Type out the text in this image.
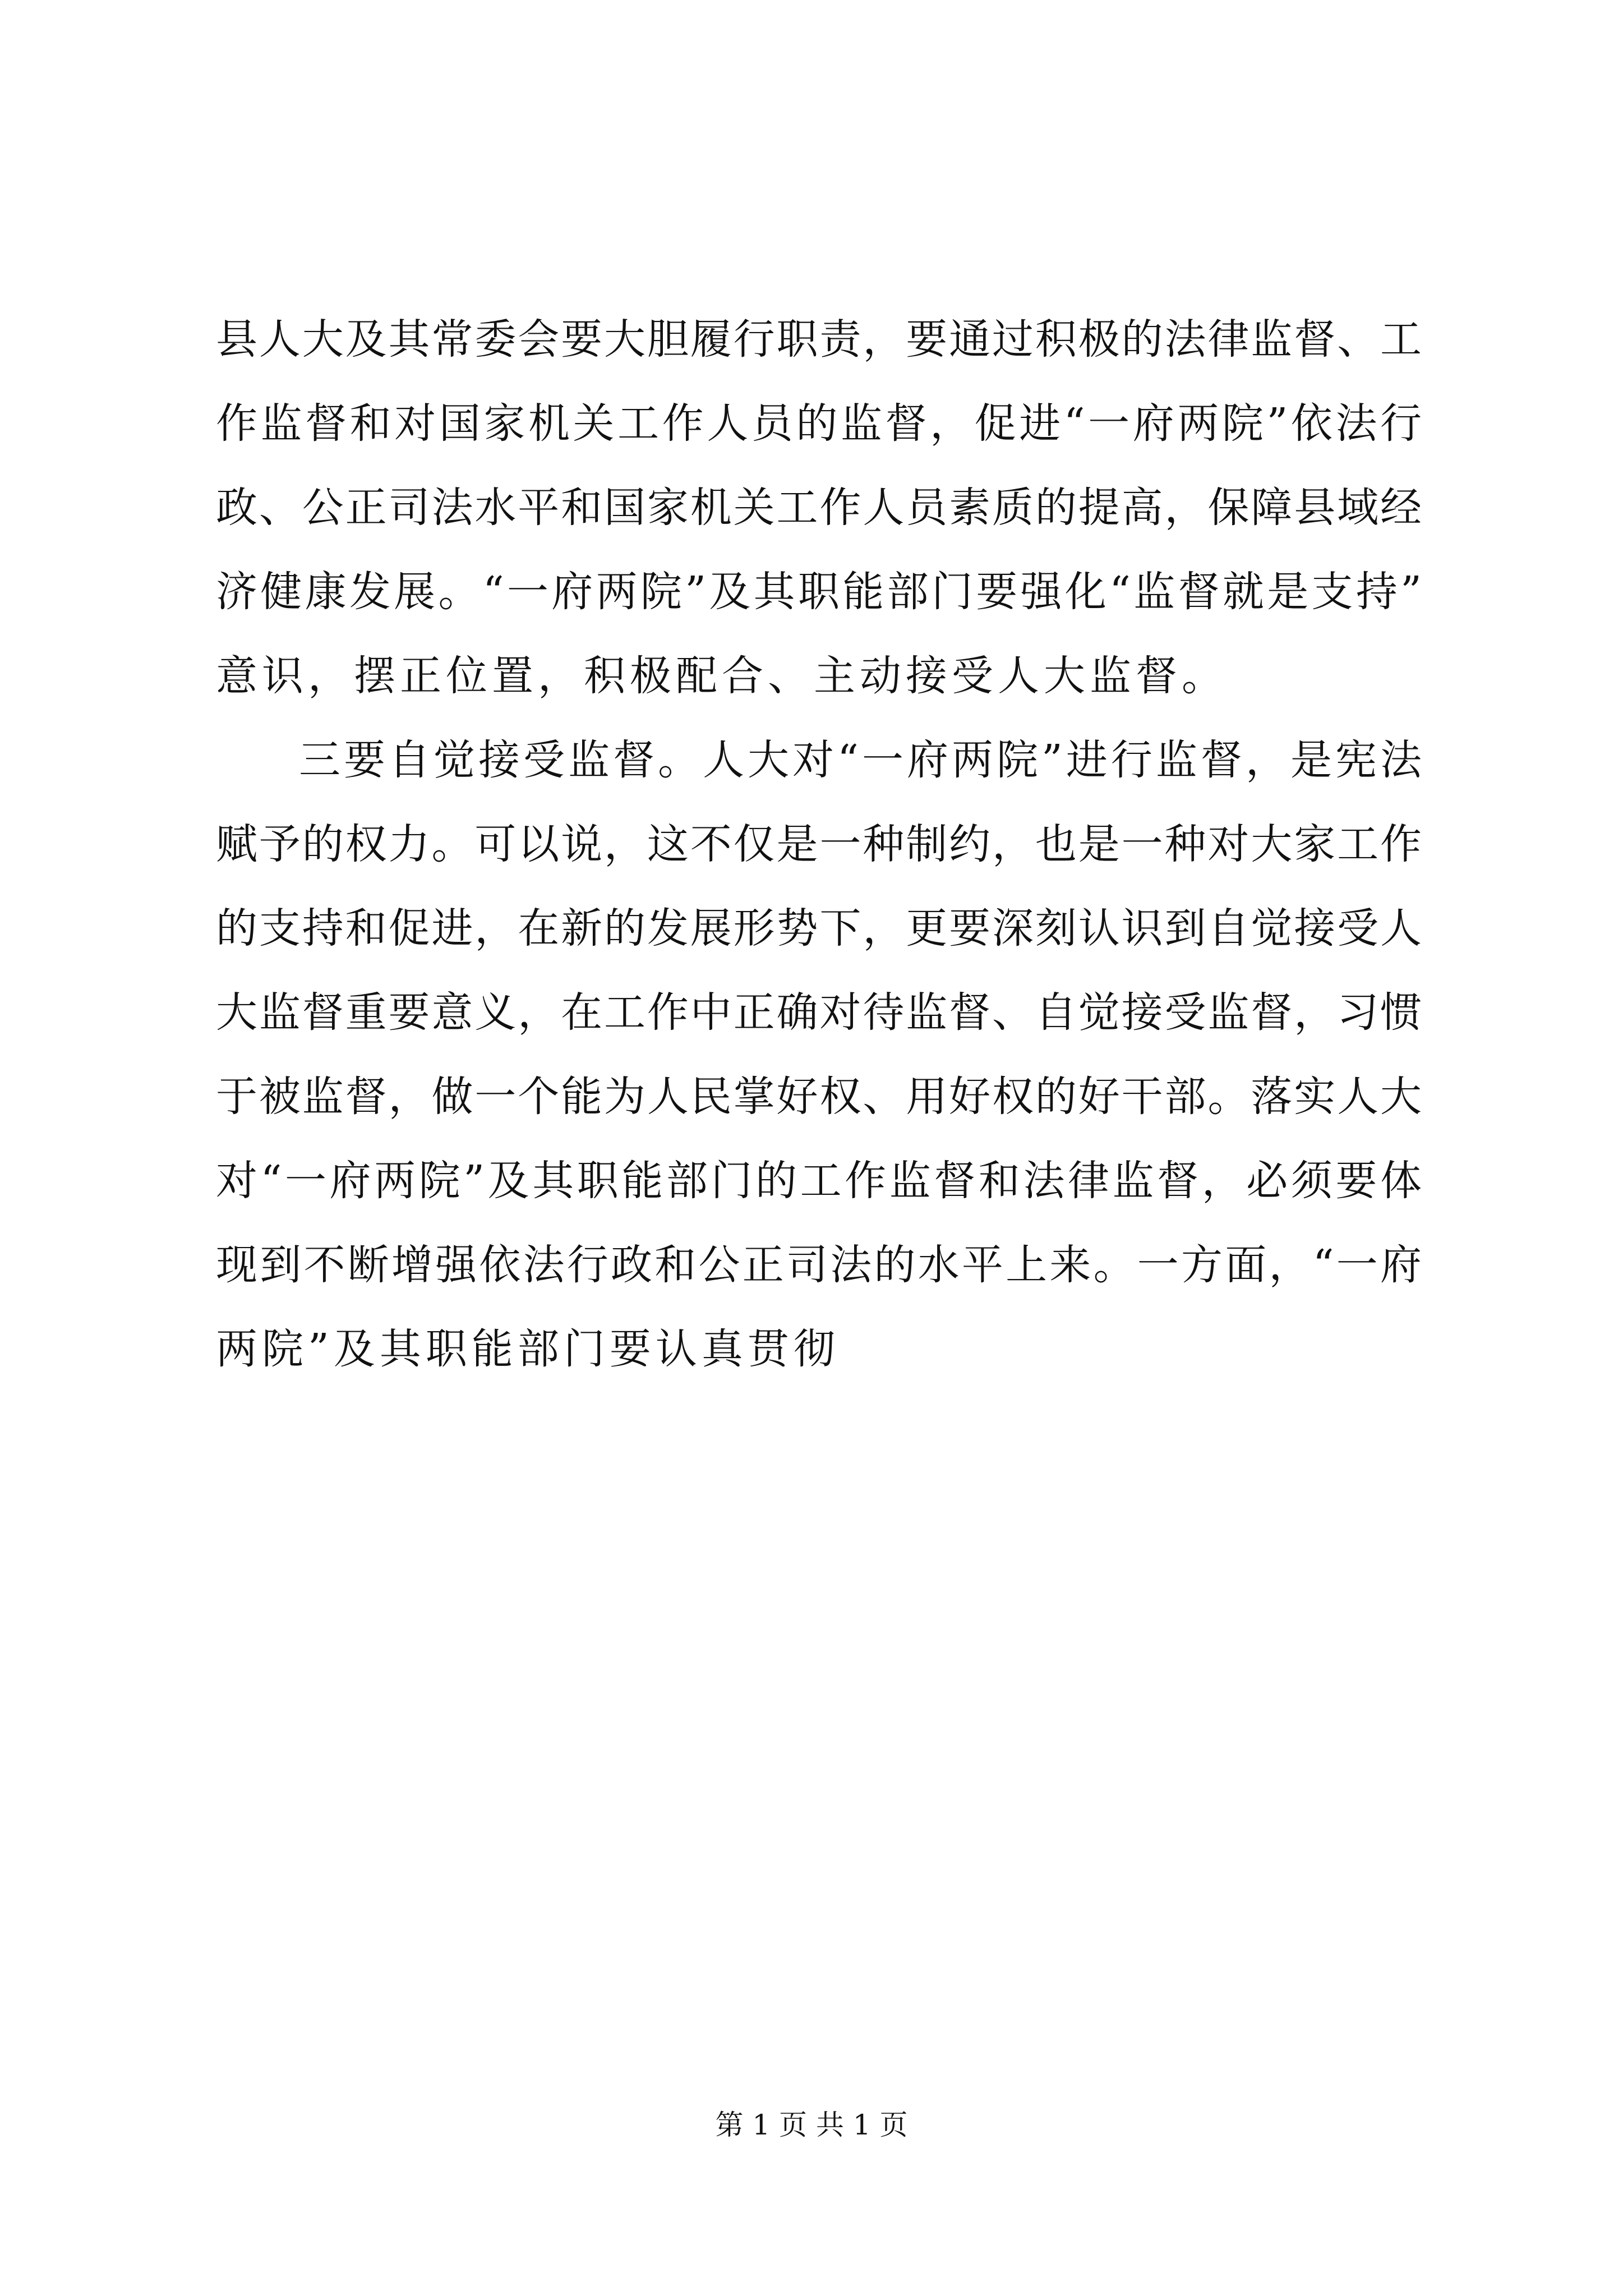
县人大及其常委会要大胆履行职责，要通过积极的法律监督、工
作监督和对国家机关工作人员的监督，促进“一府两院”依法行
政、公正司法水平和国家机关工作人员素质的提高，保障县域经
济健康发展。“一府两院”及其职能部门要强化“监督就是支持”
意识，摆正位置，积极配合、主动接受人大监督。
三要自觉接受监督。人大对“一府两院”进行监督，是宪法
赋予的权力。可以说，这不仅是一种制约，也是一种对大家工作
的支持和促进，在新的发展形势下，更要深刻认识到自觉接受人
大监督重要意义，在工作中正确对待监督、自觉接受监督，习惯
于被监督，做一个能为人民掌好权、用好权的好干部。落实人大
对“一府两院”及其职能部门的工作监督和法律监督，必须要体
现到不断增强依法行政和公正司法的水平上来。一方面，“一府
两院”及其职能部门要认真贯彻
第 1 页 共 1 页
